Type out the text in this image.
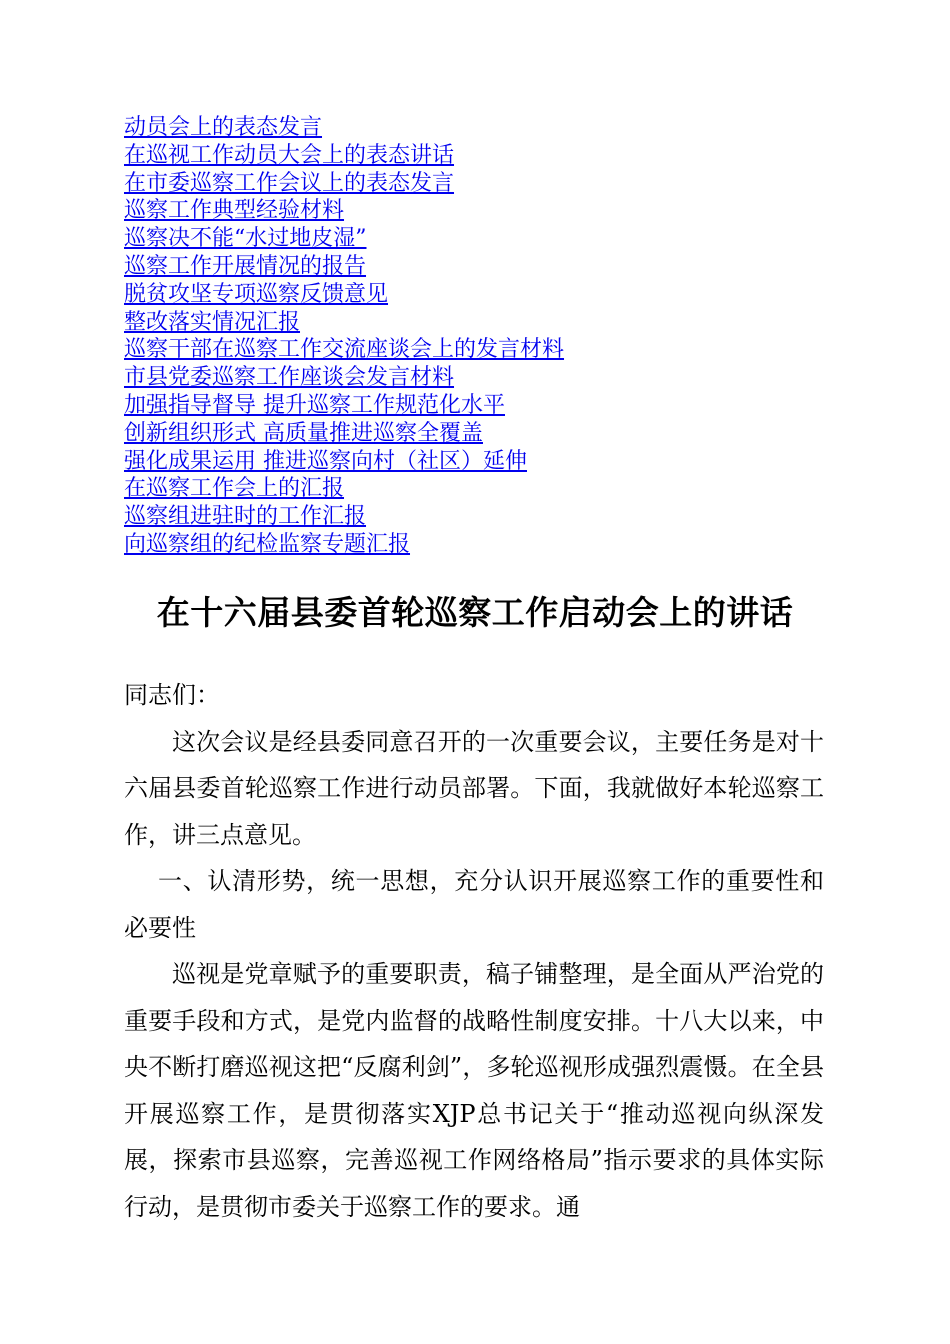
动员会上的表态发言
在巡视工作动员大会上的表态讲话
在市委巡察工作会议上的表态发言
巡察工作典型经验材料
巡察决不能“水过地皮湿”
巡察工作开展情况的报告
脱贫攻坚专项巡察反馈意见
整改落实情况汇报
巡察干部在巡察工作交流座谈会上的发言材料
市县党委巡察工作座谈会发言材料
加强指导督导 提升巡察工作规范化水平
创新组织形式 高质量推进巡察全覆盖
强化成果运用 推进巡察向村（社区）延伸
在巡察工作会上的汇报
巡察组进驻时的工作汇报
向巡察组的纪检监察专题汇报
在十六届县委首轮巡察工作启动会上的讲话

同志们：

这次会议是经县委同意召开的一次重要会议，主要任务是对十六届县委首轮巡察工作进行动员部署。下面，我就做好本轮巡察工作，讲三点意见。

一、认清形势，统一思想，充分认识开展巡察工作的重要性和必要性

巡视是党章赋予的重要职责，稿子铺整理，是全面从严治党的重要手段和方式，是党内监督的战略性制度安排。十八大以来，中央不断打磨巡视这把“反腐利剑”，多轮巡视形成强烈震慑。在全县开展巡察工作，是贯彻落实XJP总书记关于“推动巡视向纵深发展，探索市县巡察，完善巡视工作网络格局”指示要求的具体实际行动，是贯彻市委关于巡察工作的要求。通
